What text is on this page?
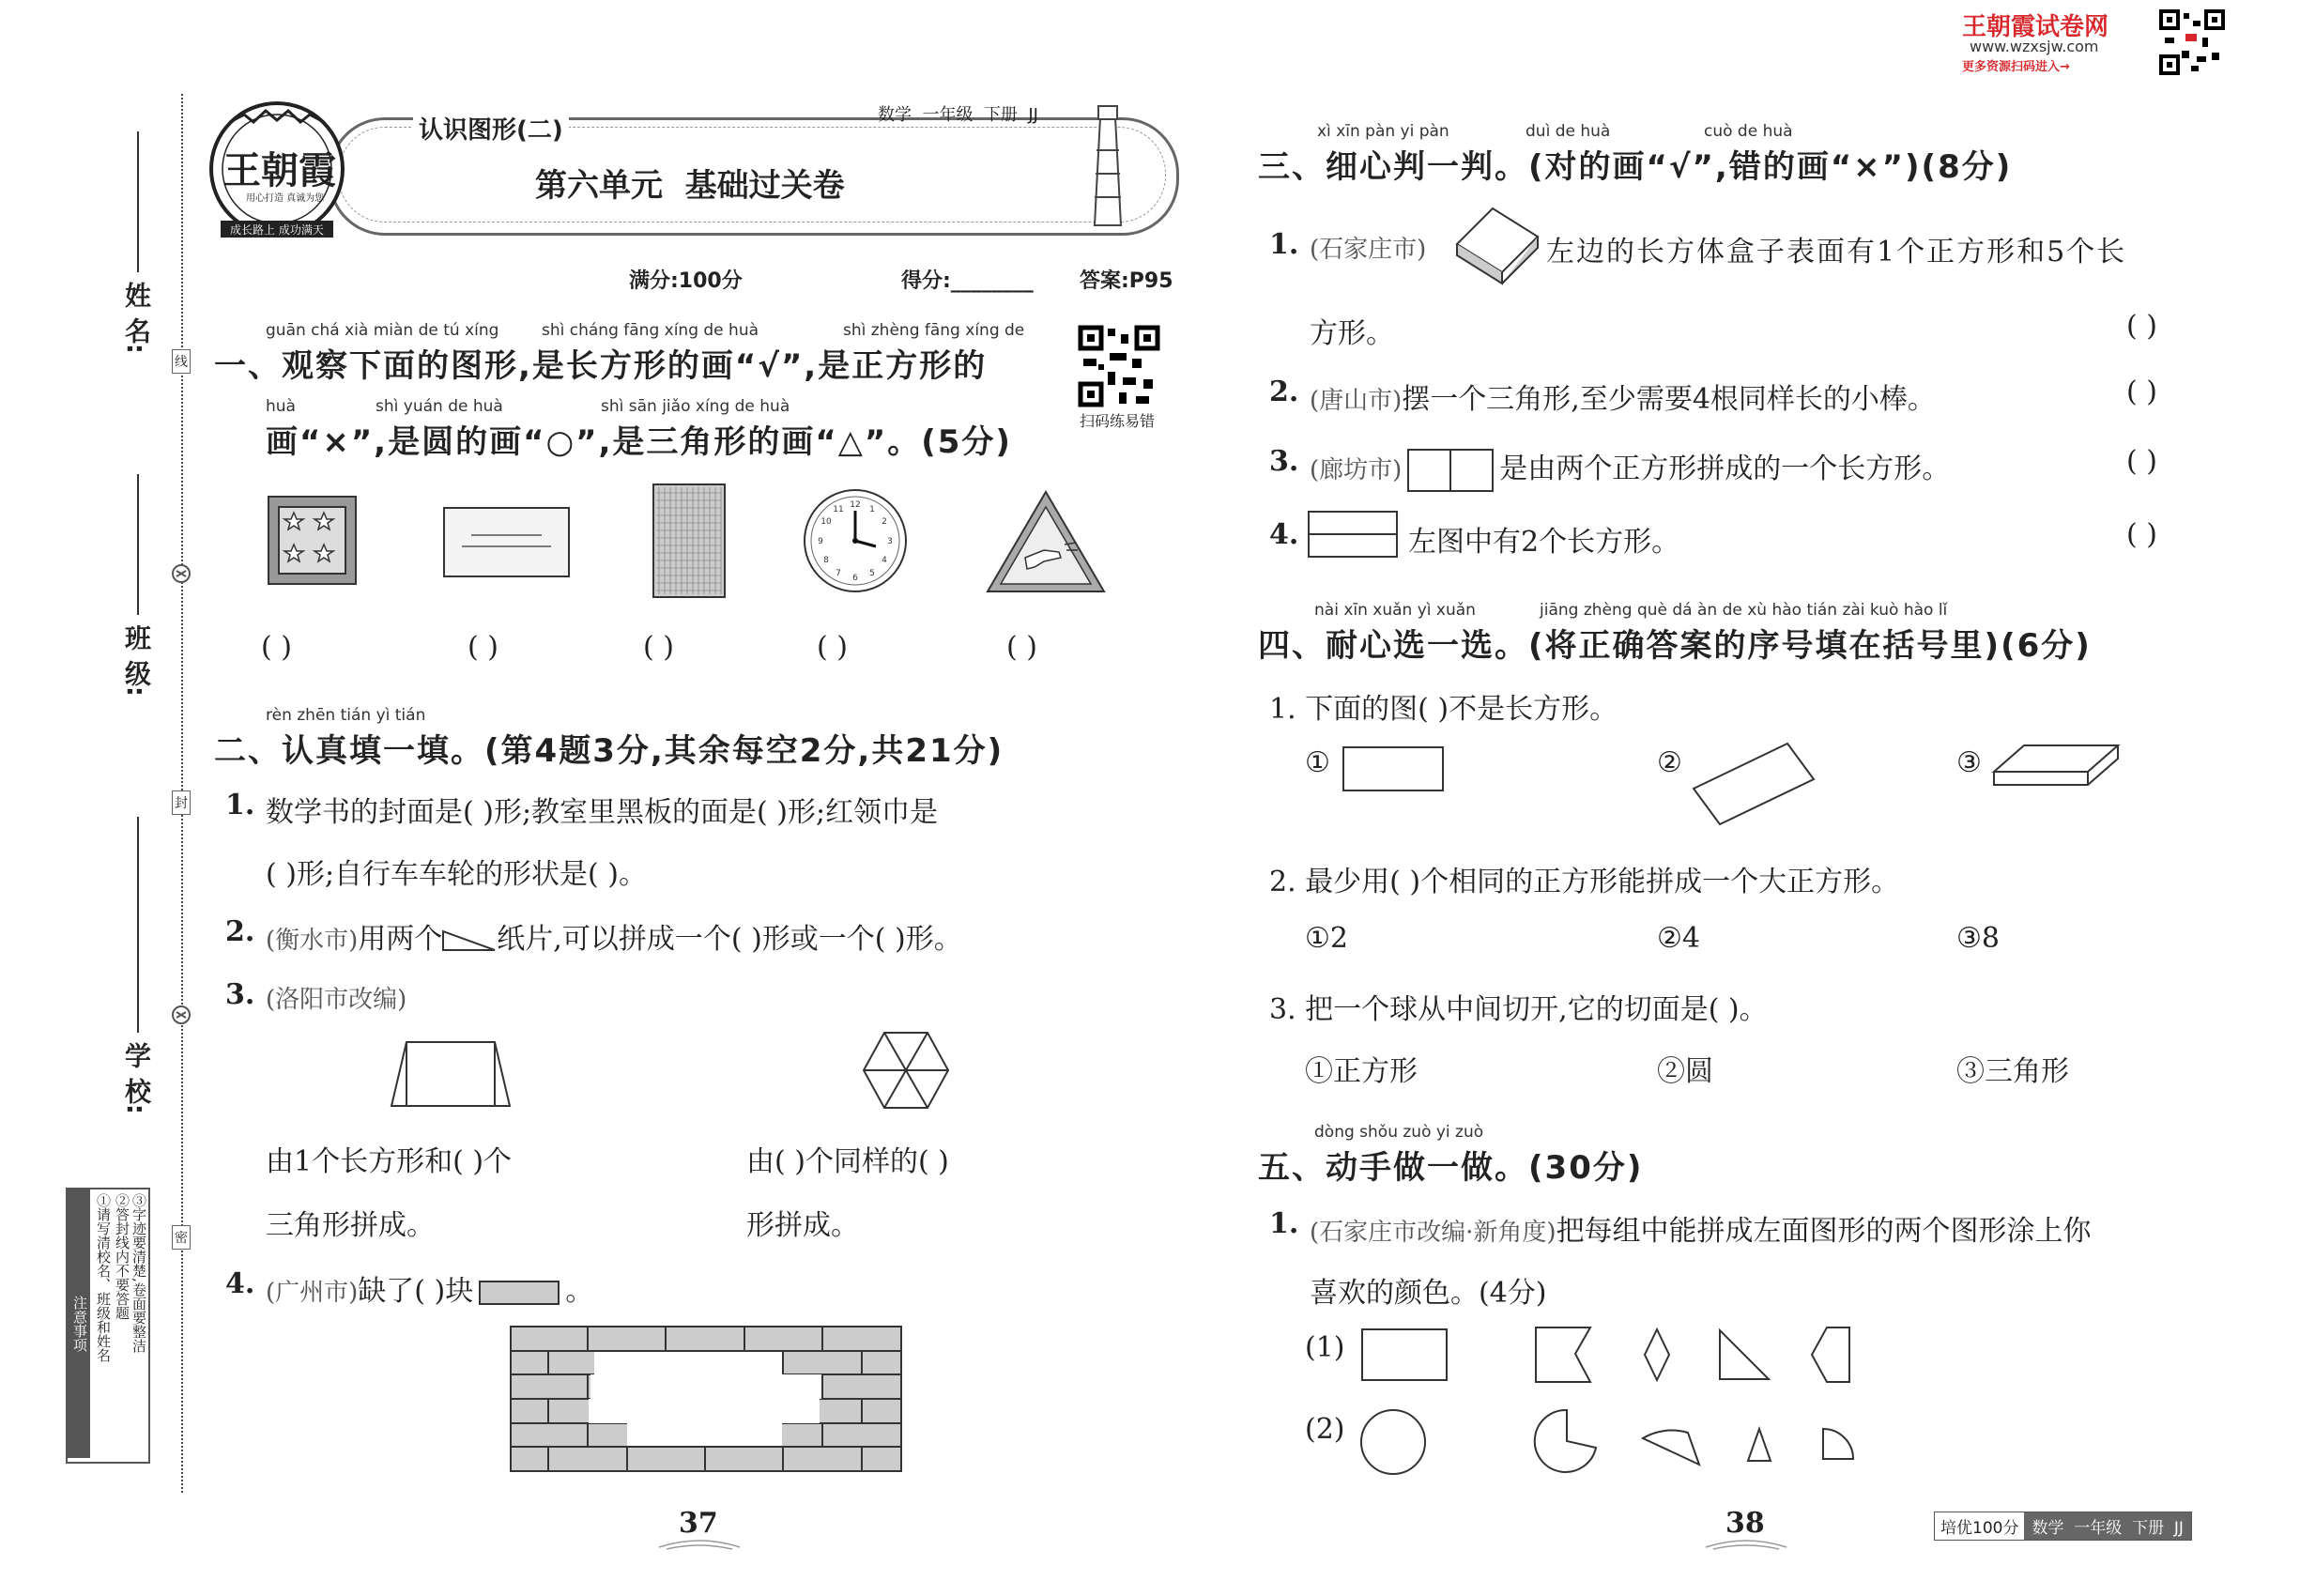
王朝霞试卷网
www.wzxsjw.com
更多资源扫码进入→
姓 名:
班 级:
学 校:
线
封
密
注意事项 ①请写清校名、班级和姓名 ②答封线内不要答题 ③字迹要清楚,卷面要整洁
王朝霞
用心打造 真诚为您
成长路上 成功满天
认识图形(二)
数学  一年级  下册  JJ
第六单元  基础过关卷
满分:100分	得分:________ 答案:P95
扫码练易错
guān chá xià miàn de tú xíng	shì cháng fāng xíng de huà	shì zhèng fāng xíng de
一、观察下面的图形,是长方形的画“√”,是正方形的
huà	shì yuán de huà	shì sān jiǎo xíng de huà
画“×”,是圆的画“○”,是三角形的画“△”。(5分)
12 1
2
3
4
5
6
7
8
9
10
11
( )	( )	( )	( )	( )
rèn zhēn tián yì tián
二、认真填一填。(第4题3分,其余每空2分,共21分)
1. 数学书的封面是( )形;教室里黑板的面是( )形;红领巾是
( )形;自行车车轮的形状是( )。
2. (衡水市)用两个 纸片,可以拼成一个( )形或一个( )形。
3. (洛阳市改编)
由1个长方形和( )个
三角形拼成。
由( )个同样的( )
形拼成。
4. (广州市)缺了( )块	。
37
xì xīn pàn yi pàn	duì de huà	cuò de huà
三、细心判一判。(对的画“√”,错的画“×”)(8分)
1. (石家庄市)	左边的长方体盒子表面有1个正方形和5个长
方形。	( )
2. (唐山市)摆一个三角形,至少需要4根同样长的小棒。	( )
3. (廊坊市)	是由两个正方形拼成的一个长方形。	( )
4.	左图中有2个长方形。	( )
nài xīn xuǎn yì xuǎn	jiāng zhèng què dá àn de xù hào tián zài kuò hào lǐ
四、耐心选一选。(将正确答案的序号填在括号里)(6分)
1. 下面的图( )不是长方形。
①	②	③
2. 最少用( )个相同的正方形能拼成一个大正方形。
①2	②4	③8
3. 把一个球从中间切开,它的切面是( )。
①正方形	②圆	③三角形
dòng shǒu zuò yi zuò
五、动手做一做。(30分)
1. (石家庄市改编·新角度)把每组中能拼成左面图形的两个图形涂上你
喜欢的颜色。(4分)
(1)
(2)
38	培优100分 数学  一年级  下册  JJ
